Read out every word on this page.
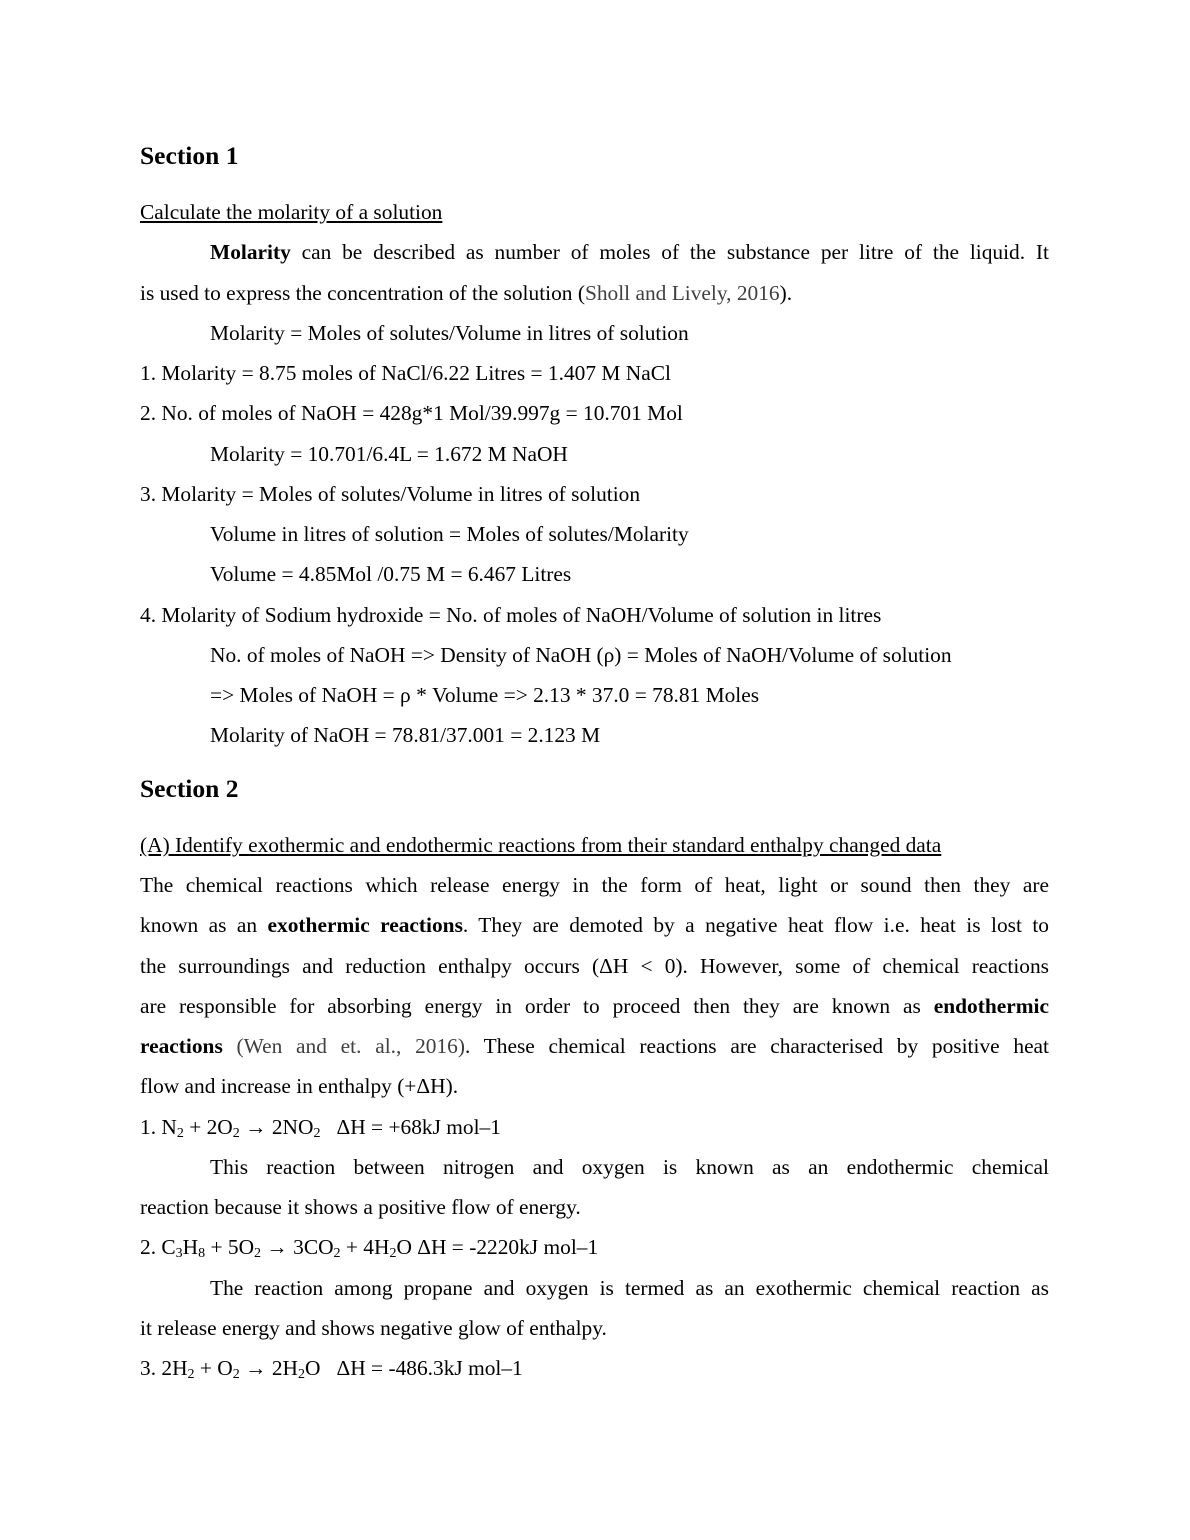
Section 1
Calculate the molarity of a solution
Molarity can be described as number of moles of the substance per litre of the liquid. It
is used to express the concentration of the solution (Sholl and Lively, 2016).
Molarity = Moles of solutes/Volume in litres of solution
1. Molarity = 8.75 moles of NaCl/6.22 Litres = 1.407 M NaCl
2. No. of moles of NaOH = 428g*1 Mol/39.997g = 10.701 Mol
Molarity = 10.701/6.4L = 1.672 M NaOH
3. Molarity = Moles of solutes/Volume in litres of solution
Volume in litres of solution = Moles of solutes/Molarity
Volume = 4.85Mol /0.75 M = 6.467 Litres
4. Molarity of Sodium hydroxide = No. of moles of NaOH/Volume of solution in litres
No. of moles of NaOH => Density of NaOH (ρ) = Moles of NaOH/Volume of solution
=> Moles of NaOH = ρ * Volume => 2.13 * 37.0 = 78.81 Moles
Molarity of NaOH = 78.81/37.001 = 2.123 M
Section 2
(A) Identify exothermic and endothermic reactions from their standard enthalpy changed data
The chemical reactions which release energy in the form of heat, light or sound then they are
known as an exothermic reactions. They are demoted by a negative heat flow i.e. heat is lost to
the surroundings and reduction enthalpy occurs (ΔH < 0). However, some of chemical reactions
are responsible for absorbing energy in order to proceed then they are known as endothermic
reactions (Wen and et. al., 2016). These chemical reactions are characterised by positive heat
flow and increase in enthalpy (+ΔH).
1. $N_2 + 2O_2 \to 2NO_2$   ΔH = +68kJ mol–1
This reaction between nitrogen and oxygen is known as an endothermic chemical
reaction because it shows a positive flow of energy.
2. $C_3H_8 + 5O_2 \to 3CO_2 + 4H_2O$ ΔH = -2220kJ mol–1
The reaction among propane and oxygen is termed as an exothermic chemical reaction as
it release energy and shows negative glow of enthalpy.
3. $2H_2 + O_2 \to 2H_2O$   ΔH = -486.3kJ mol–1
